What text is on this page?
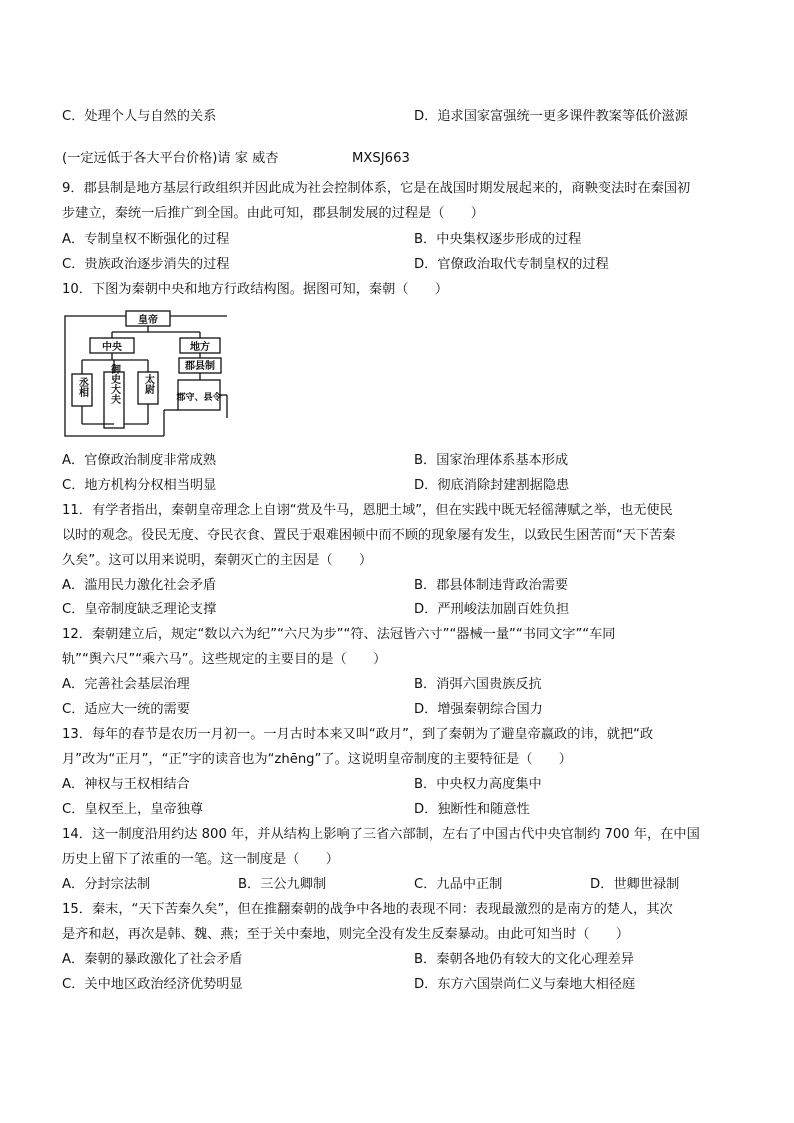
C．处理个人与自然的关系	D．追求国家富强统一更多课件教案等低价滋源
(一定远低于各大平台价格)请 家 威杏	MXSJ663
9．郡县制是地方基层行政组织并因此成为社会控制体系，它是在战国时期发展起来的，商鞅变法时在秦国初
步建立，秦统一后推广到全国。由此可知，郡县制发展的过程是（　　）
A．专制皇权不断强化的过程	B．中央集权逐步形成的过程
C．贵族政治逐步消失的过程	D．官僚政治取代专制皇权的过程
10．下图为秦朝中央和地方行政结构图。据图可知，秦朝（　　）
皇帝
中央	地方
郡县制
丞相 御史大夫 太尉
郡守、县令
A．官僚政治制度非常成熟	B．国家治理体系基本形成
C．地方机构分权相当明显	D．彻底消除封建割据隐患
11．有学者指出，秦朝皇帝理念上自诩“赏及牛马，恩肥土域”，但在实践中既无轻徭薄赋之举，也无使民
以时的观念。役民无度、夺民衣食、置民于艰难困顿中而不顾的现象屡有发生，以致民生困苦而“天下苦秦
久矣”。这可以用来说明，秦朝灭亡的主因是（　　）
A．滥用民力激化社会矛盾	B．郡县体制违背政治需要
C．皇帝制度缺乏理论支撑	D．严刑峻法加剧百姓负担
12．秦朝建立后，规定“数以六为纪”“六尺为步”“符、法冠皆六寸”“器械一量”“书同文字”“车同
轨”“舆六尺”“乘六马”。这些规定的主要目的是（　　）
A．完善社会基层治理	B．消弭六国贵族反抗
C．适应大一统的需要	D．增强秦朝综合国力
13．每年的春节是农历一月初一。一月古时本来又叫“政月”，到了秦朝为了避皇帝嬴政的讳，就把“政
月”改为“正月”，“正”字的读音也为“zhēng”了。这说明皇帝制度的主要特征是（　　）
A．神权与王权相结合	B．中央权力高度集中
C．皇权至上，皇帝独尊	D．独断性和随意性
14．这一制度沿用约达 800 年，并从结构上影响了三省六部制，左右了中国古代中央官制约 700 年，在中国
历史上留下了浓重的一笔。这一制度是（　　）
A．分封宗法制	B．三公九卿制	C．九品中正制	D．世卿世禄制
15．秦末，“天下苦秦久矣”，但在推翻秦朝的战争中各地的表现不同：表现最激烈的是南方的楚人，其次
是齐和赵，再次是韩、魏、燕；至于关中秦地，则完全没有发生反秦暴动。由此可知当时（　　）
A．秦朝的暴政激化了社会矛盾	B．秦朝各地仍有较大的文化心理差异
C．关中地区政治经济优势明显	D．东方六国崇尚仁义与秦地大相径庭
